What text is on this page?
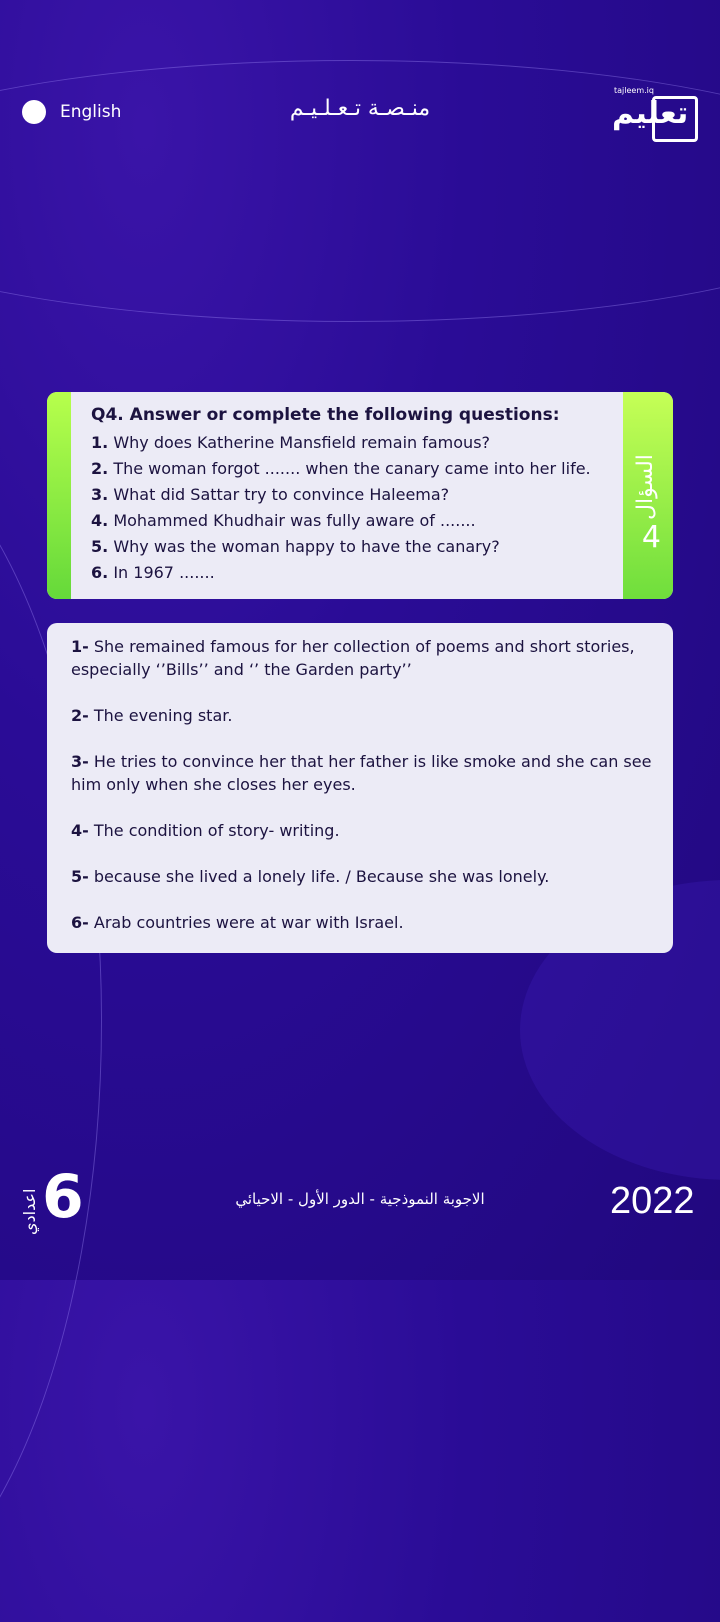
English	منـصـة تـعـلـيـم
tajleem.iq
تعليم
السؤال
4
Q4. Answer or complete the following questions:
1. Why does Katherine Mansfield remain famous?
2. The woman forgot ....... when the canary came into her life.
3. What did Sattar try to convince Haleema?
4. Mohammed Khudhair was fully aware of .......
5. Why was the woman happy to have the canary?
6. In 1967 .......
1- She remained famous for her collection of poems and short stories, especially ‘’Bills’’ and ‘’ the Garden party’’
2- The evening star.
3- He tries to convince her that her father is like smoke and she can see him only when she closes her eyes.
4- The condition of story- writing.
5- because she lived a lonely life. / Because she was lonely.
6- Arab countries were at war with Israel.
اعدادي 6	الاجوبة النموذجية - الدور الأول - الاحيائي	2022
